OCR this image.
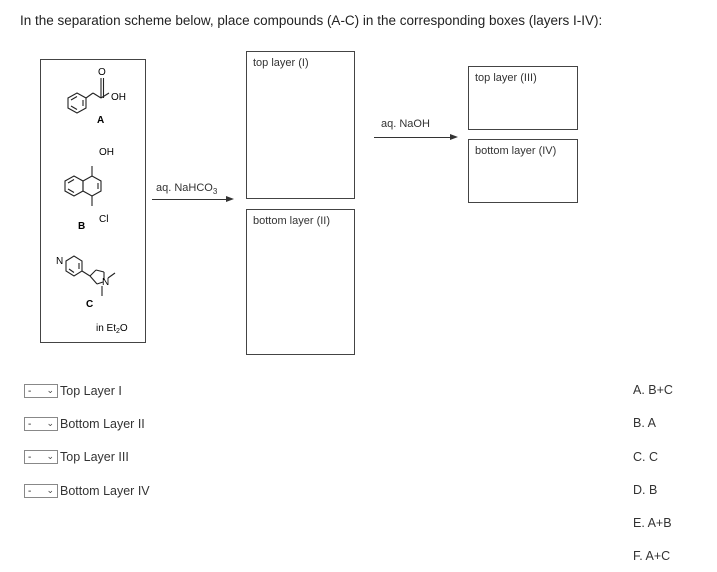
In the separation scheme below, place compounds (A-C) in the corresponding boxes (layers I-IV):
O
OH
A
OH
Cl
B
N
N
C
in $Et_2O$
aq. NaHCO$_3$
top layer (I)
bottom layer (II)
aq. NaOH
top layer (III)
bottom layer (IV)
- ⌄ Top Layer I
- ⌄ Bottom Layer II
- ⌄ Top Layer III
- ⌄ Bottom Layer IV
A. B+C
B. A
C. C
D. B
E. A+B
F. A+C
